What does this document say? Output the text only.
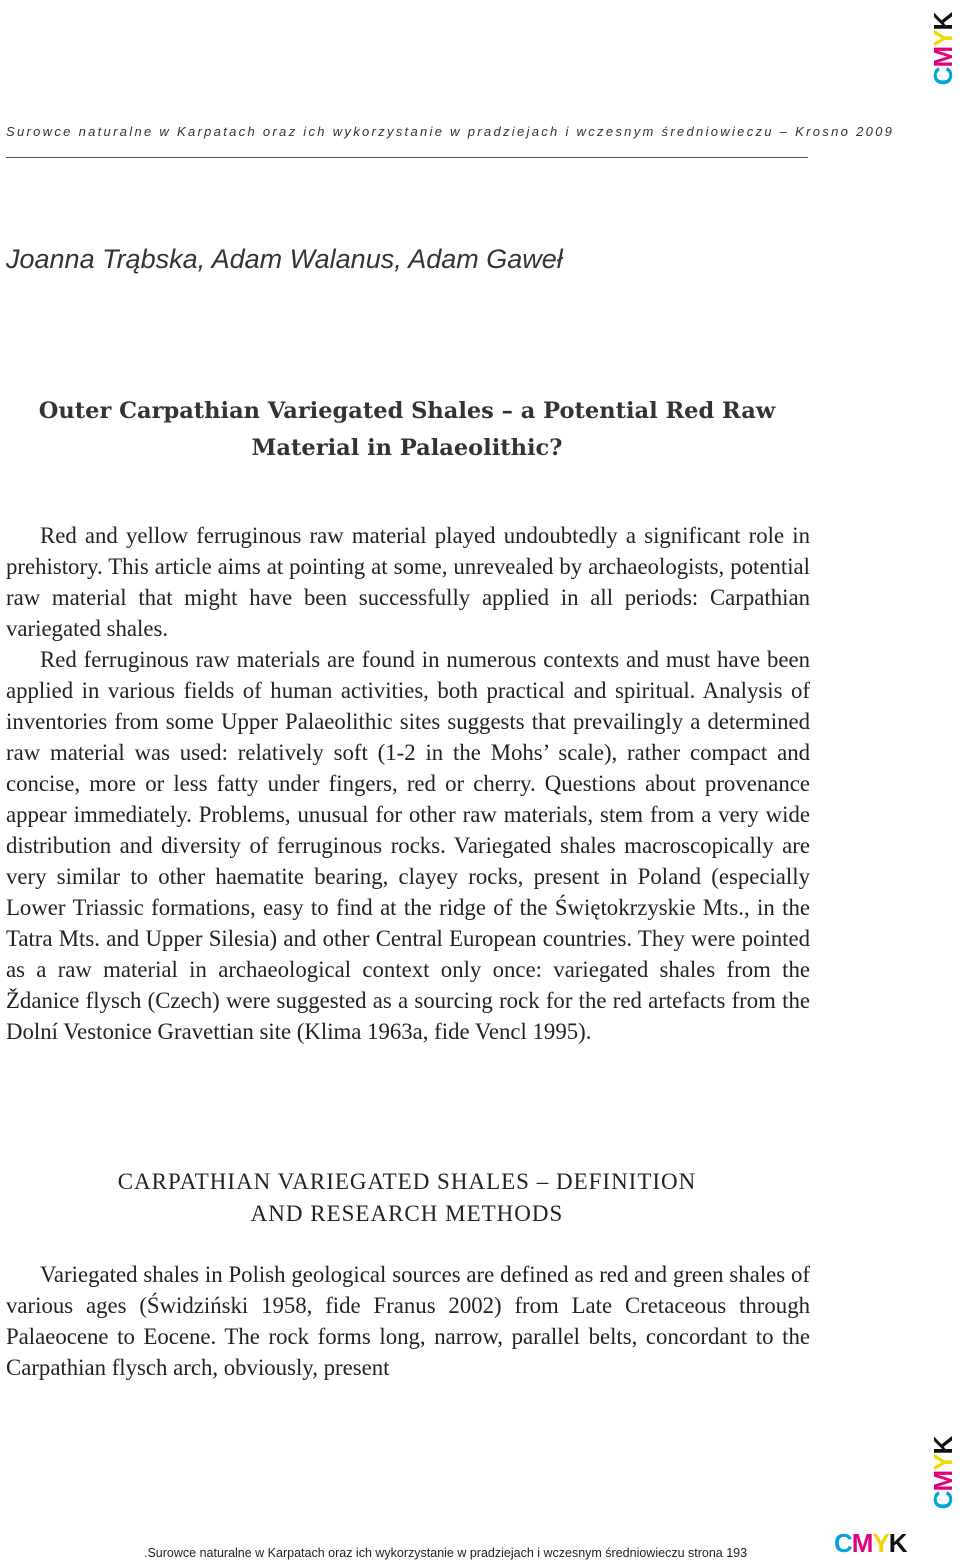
CMYK
CMYK
CMYK
Surowce naturalne w Karpatach oraz ich wykorzystanie w pradziejach i wczesnym średniowieczu – Krosno 2009
Joanna Trąbska, Adam Walanus, Adam Gaweł
Outer Carpathian Variegated Shales – a Potential Red Raw
Material in Palaeolithic?

Red and yellow ferruginous raw material played undoubtedly a significant role in prehistory. This article aims at pointing at some, unrevealed by archaeologists, potential raw material that might have been successfully applied in all periods: Carpathian variegated shales.

Red ferruginous raw materials are found in numerous contexts and must have been applied in various fields of human activities, both practical and spiritual. Analysis of inventories from some Upper Palaeolithic sites suggests that prevailingly a determined raw material was used: relatively soft (1-2 in the Mohs’ scale), rather compact and concise, more or less fatty under fingers, red or cherry. Questions about provenance appear immediately. Problems, unusual for other raw materials, stem from a very wide distribution and diversity of ferruginous rocks. Variegated shales macroscopically are very similar to other haematite bearing, clayey rocks, present in Poland (especially Lower Triassic formations, easy to find at the ridge of the Świętokrzyskie Mts., in the Tatra Mts. and Upper Silesia) and other Central European countries. They were pointed as a raw material in archaeological context only once: variegated shales from the Ždanice flysch (Czech) were suggested as a sourcing rock for the red artefacts from the Dolní Vestonice Gravettian site (Klima 1963a, fide Vencl 1995).

CARPATHIAN VARIEGATED SHALES – DEFINITION
AND RESEARCH METHODS

Variegated shales in Polish geological sources are defined as red and green shales of various ages (Świdziński 1958, fide Franus 2002) from Late Cretaceous through Palaeocene to Eocene. The rock forms long, narrow, parallel belts, concordant to the Carpathian flysch arch, obviously, present

.Surowce naturalne w Karpatach oraz ich wykorzystanie w pradziejach i wczesnym średniowieczu strona 193
